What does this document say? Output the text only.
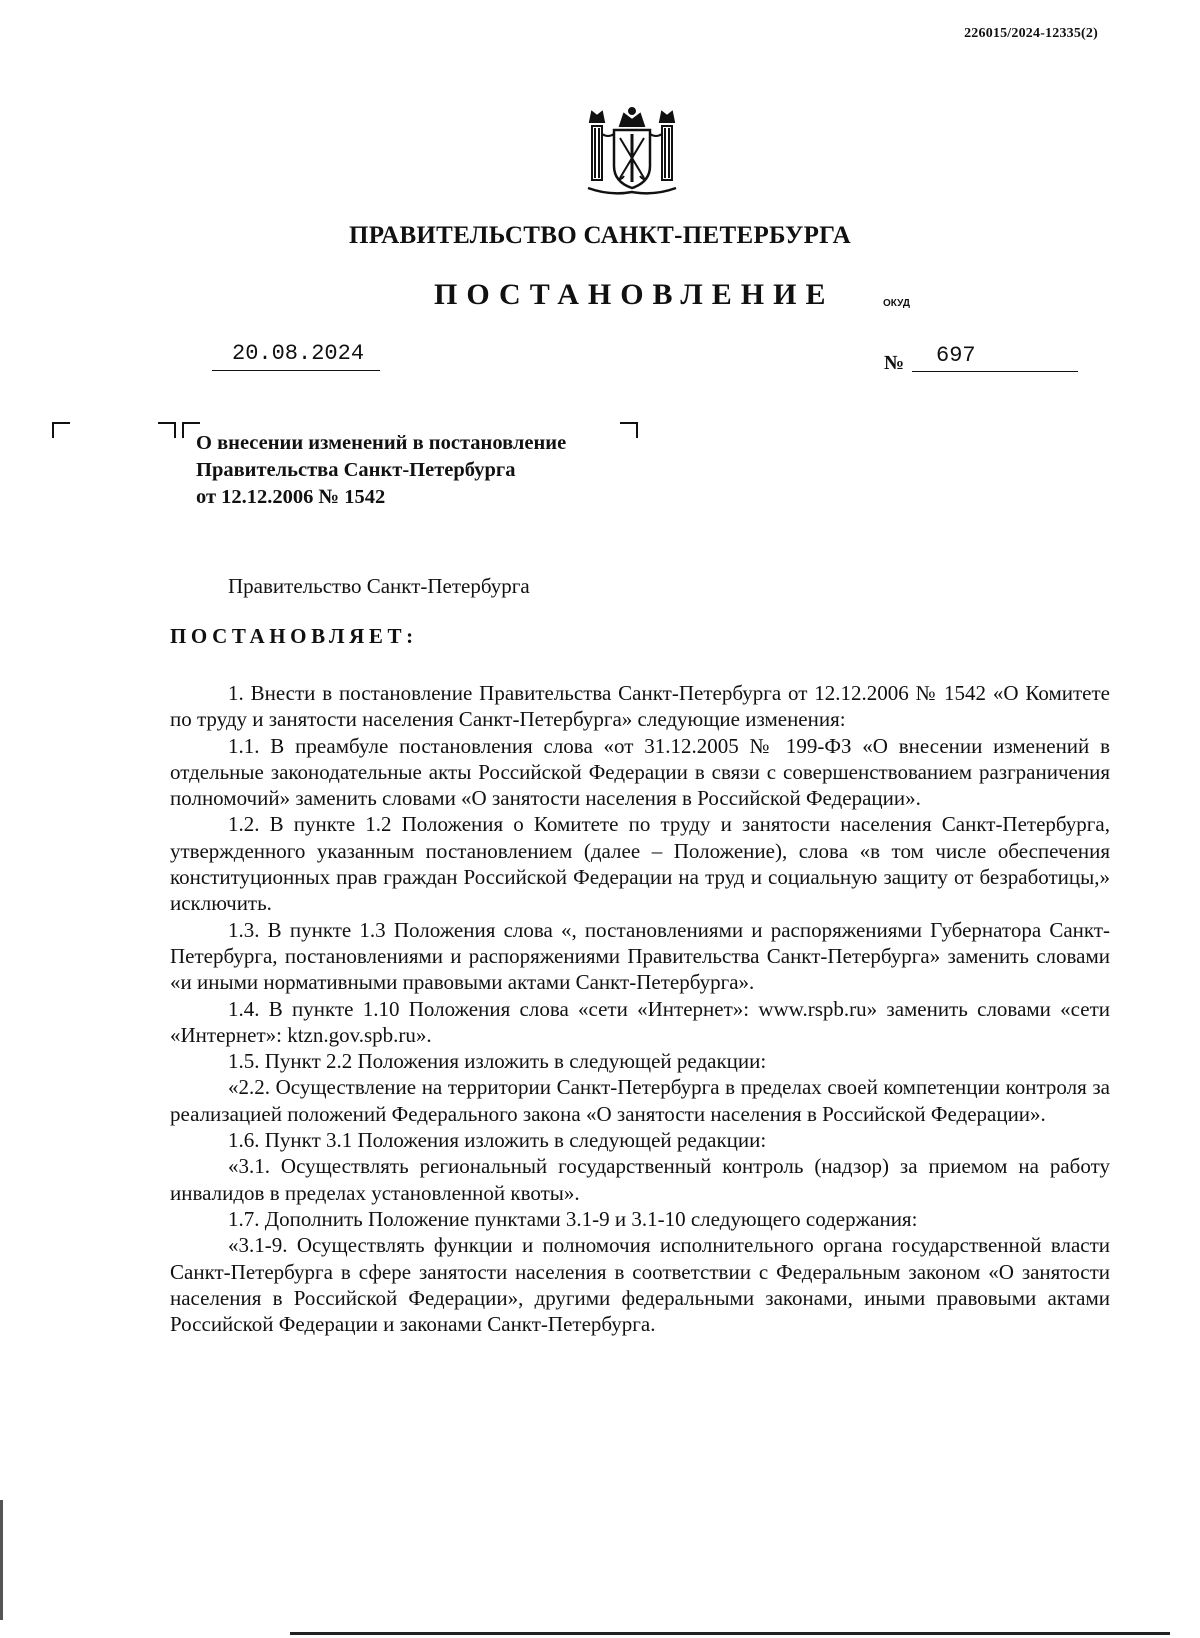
226015/2024-12335(2)
ПРАВИТЕЛЬСТВО САНКТ-ПЕТЕРБУРГА
ПОСТАНОВЛЕНИЕ	ОКУД
20.08.2024	№	697
О внесении изменений в постановление
Правительства Санкт-Петербурга
от 12.12.2006 № 1542
Правительство Санкт-Петербурга
ПОСТАНОВЛЯЕТ:

1. Внести в постановление Правительства Санкт-Петербурга от 12.12.2006 № 1542 «О Комитете по труду и занятости населения Санкт-Петербурга» следующие изменения:

1.1. В преамбуле постановления слова «от 31.12.2005 № 199-ФЗ «О внесении изменений в отдельные законодательные акты Российской Федерации в связи с совершенствованием разграничения полномочий» заменить словами «О занятости населения в Российской Федерации».

1.2. В пункте 1.2 Положения о Комитете по труду и занятости населения Санкт-Петербурга, утвержденного указанным постановлением (далее – Положение), слова «в том числе обеспечения конституционных прав граждан Российской Федерации на труд и социальную защиту от безработицы,» исключить.

1.3. В пункте 1.3 Положения слова «, постановлениями и распоряжениями Губернатора Санкт-Петербурга, постановлениями и распоряжениями Правительства Санкт-Петербурга» заменить словами «и иными нормативными правовыми актами Санкт-Петербурга».

1.4. В пункте 1.10 Положения слова «сети «Интернет»: www.rspb.ru» заменить словами «сети «Интернет»: ktzn.gov.spb.ru».

1.5. Пункт 2.2 Положения изложить в следующей редакции:

«2.2. Осуществление на территории Санкт-Петербурга в пределах своей компетенции контроля за реализацией положений Федерального закона «О занятости населения в Российской Федерации».

1.6. Пункт 3.1 Положения изложить в следующей редакции:

«3.1. Осуществлять региональный государственный контроль (надзор) за приемом на работу инвалидов в пределах установленной квоты».

1.7. Дополнить Положение пунктами 3.1-9 и 3.1-10 следующего содержания:

«3.1-9. Осуществлять функции и полномочия исполнительного органа государственной власти Санкт-Петербурга в сфере занятости населения в соответствии с Федеральным законом «О занятости населения в Российской Федерации», другими федеральными законами, иными правовыми актами Российской Федерации и законами Санкт-Петербурга.
